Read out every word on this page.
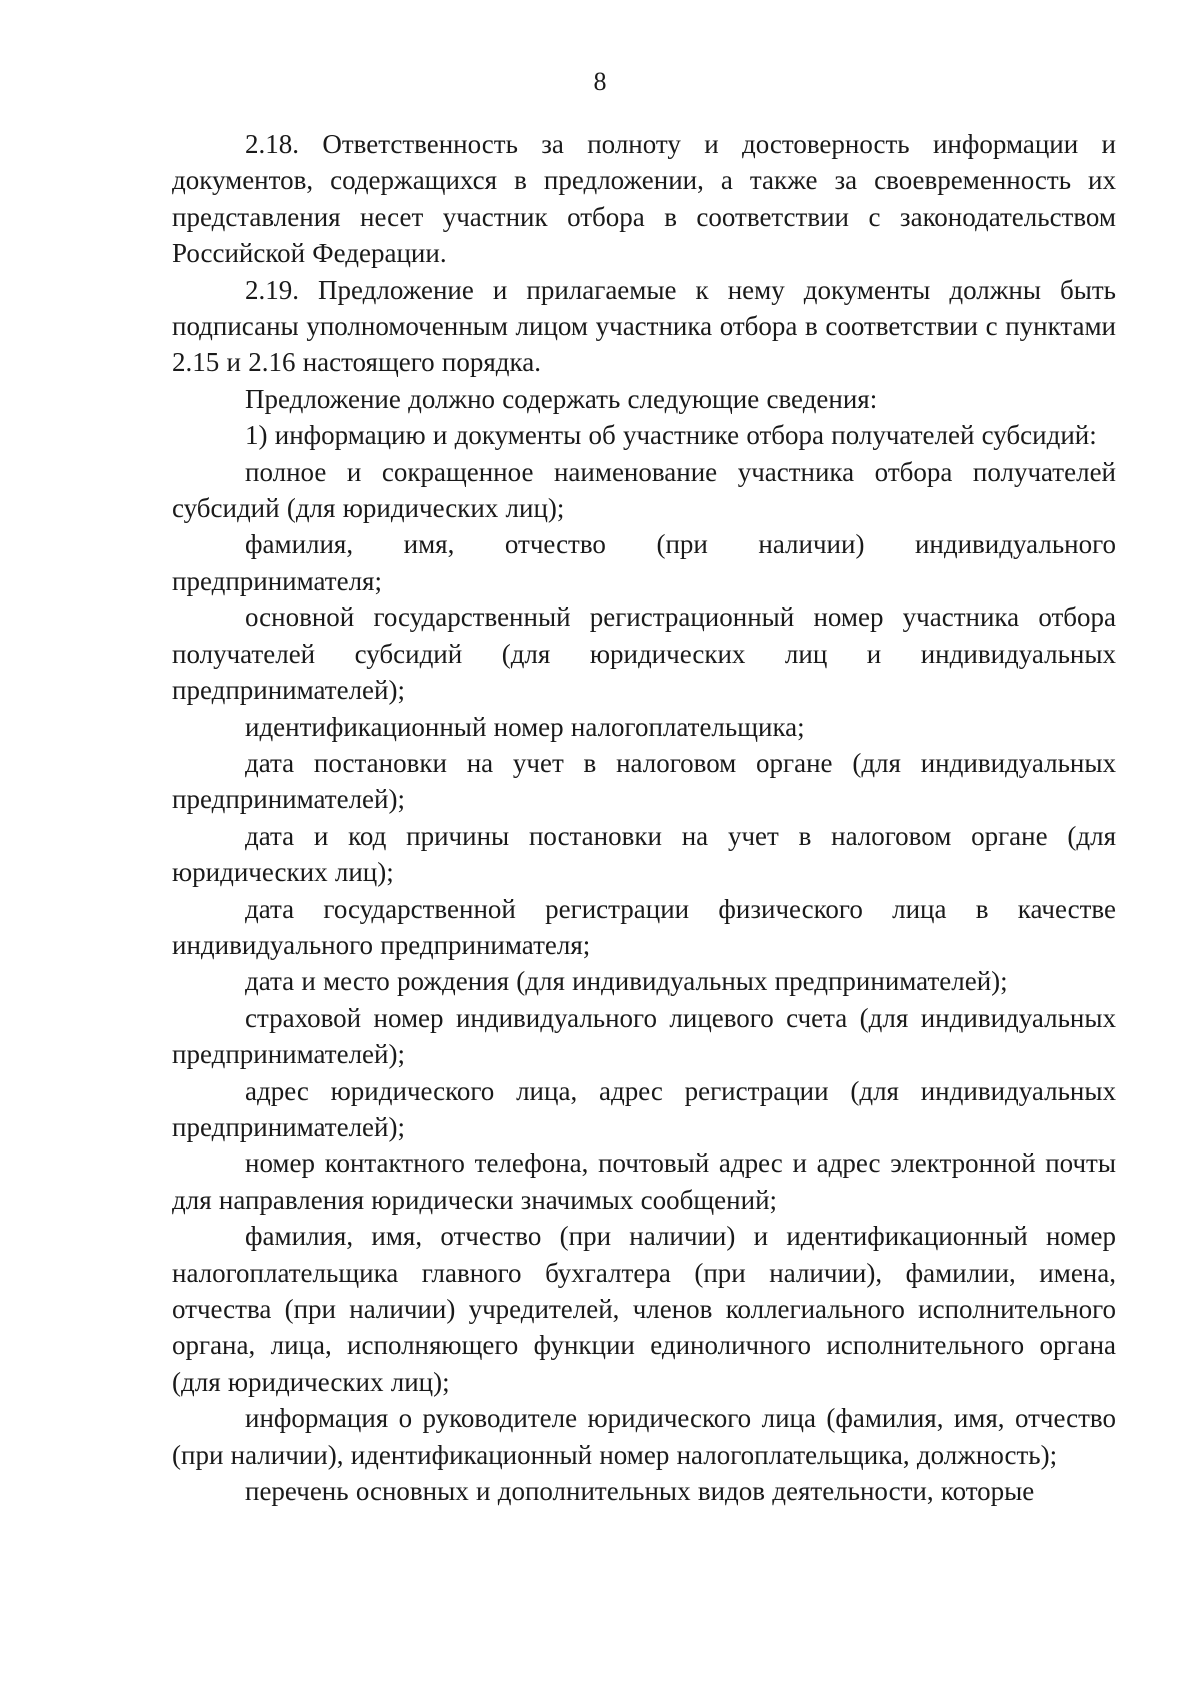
8

2.18. Ответственность за полноту и достоверность информации и документов, содержащихся в предложении, а также за своевременность их представления несет участник отбора в соответствии с законодательством Российской Федерации.

2.19. Предложение и прилагаемые к нему документы должны быть подписаны уполномоченным лицом участника отбора в соответствии с пунктами 2.15 и 2.16 настоящего порядка.

Предложение должно содержать следующие сведения:

1) информацию и документы об участнике отбора получателей субсидий:

полное и сокращенное наименование участника отбора получателей субсидий (для юридических лиц);

фамилия, имя, отчество (при наличии) индивидуального предпринимателя;

основной государственный регистрационный номер участника отбора получателей субсидий (для юридических лиц и индивидуальных предпринимателей);

идентификационный номер налогоплательщика;

дата постановки на учет в налоговом органе (для индивидуальных предпринимателей);

дата и код причины постановки на учет в налоговом органе (для юридических лиц);

дата государственной регистрации физического лица в качестве индивидуального предпринимателя;

дата и место рождения (для индивидуальных предпринимателей);

страховой номер индивидуального лицевого счета (для индивидуальных предпринимателей);

адрес юридического лица, адрес регистрации (для индивидуальных предпринимателей);

номер контактного телефона, почтовый адрес и адрес электронной почты для направления юридически значимых сообщений;

фамилия, имя, отчество (при наличии) и идентификационный номер налогоплательщика главного бухгалтера (при наличии), фамилии, имена, отчества (при наличии) учредителей, членов коллегиального исполнительного органа, лица, исполняющего функции единоличного исполнительного органа (для юридических лиц);

информация о руководителе юридического лица (фамилия, имя, отчество (при наличии), идентификационный номер налогоплательщика, должность);

перечень основных и дополнительных видов деятельности, которые
